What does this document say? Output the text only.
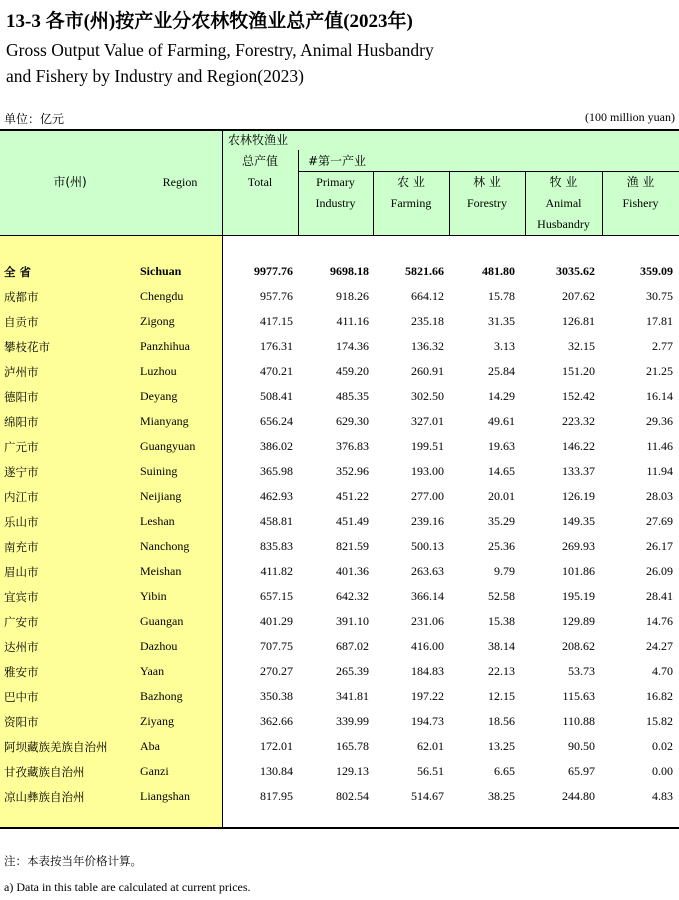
13-3 各市(州)按产业分农林牧渔业总产值(2023年)
Gross Output Value of Farming, Forestry, Animal Husbandry
and Fishery by Industry and Region(2023)
单位：亿元	(100 million yuan)
市(州)	Region
农林牧渔业
总产值
Total
#第一产业
Primary
Industry
农 业
Farming
林 业
Forestry
牧 业
Animal
Husbandry
渔 业
Fishery
全 省	Sichuan	9977.76	9698.18	5821.66	481.80	3035.62	359.09
成都市	Chengdu	957.76	918.26	664.12	15.78	207.62	30.75
自贡市	Zigong	417.15	411.16	235.18	31.35	126.81	17.81
攀枝花市	Panzhihua	176.31	174.36	136.32	3.13	32.15	2.77
泸州市	Luzhou	470.21	459.20	260.91	25.84	151.20	21.25
德阳市	Deyang	508.41	485.35	302.50	14.29	152.42	16.14
绵阳市	Mianyang	656.24	629.30	327.01	49.61	223.32	29.36
广元市	Guangyuan	386.02	376.83	199.51	19.63	146.22	11.46
遂宁市	Suining	365.98	352.96	193.00	14.65	133.37	11.94
内江市	Neijiang	462.93	451.22	277.00	20.01	126.19	28.03
乐山市	Leshan	458.81	451.49	239.16	35.29	149.35	27.69
南充市	Nanchong	835.83	821.59	500.13	25.36	269.93	26.17
眉山市	Meishan	411.82	401.36	263.63	9.79	101.86	26.09
宜宾市	Yibin	657.15	642.32	366.14	52.58	195.19	28.41
广安市	Guangan	401.29	391.10	231.06	15.38	129.89	14.76
达州市	Dazhou	707.75	687.02	416.00	38.14	208.62	24.27
雅安市	Yaan	270.27	265.39	184.83	22.13	53.73	4.70
巴中市	Bazhong	350.38	341.81	197.22	12.15	115.63	16.82
资阳市	Ziyang	362.66	339.99	194.73	18.56	110.88	15.82
阿坝藏族羌族自治州	Aba	172.01	165.78	62.01	13.25	90.50	0.02
甘孜藏族自治州	Ganzi	130.84	129.13	56.51	6.65	65.97	0.00
凉山彝族自治州	Liangshan	817.95	802.54	514.67	38.25	244.80	4.83
注：本表按当年价格计算。
a) Data in this table are calculated at current prices.
